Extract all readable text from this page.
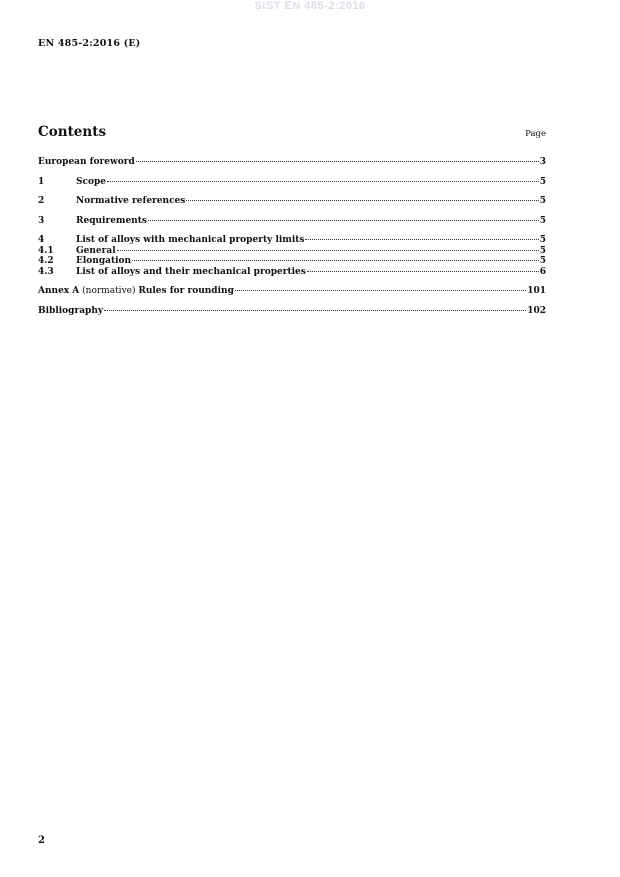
SIST EN 485-2:2016
EN 485-2:2016 (E)
Contents	Page
European foreword	3
1	Scope	5
2	Normative references	5
3	Requirements	5
4	List of alloys with mechanical property limits	5
4.1	General	5
4.2	Elongation	5
4.3	List of alloys and their mechanical properties	6
Annex A (normative) Rules for rounding	101
Bibliography	102
2
